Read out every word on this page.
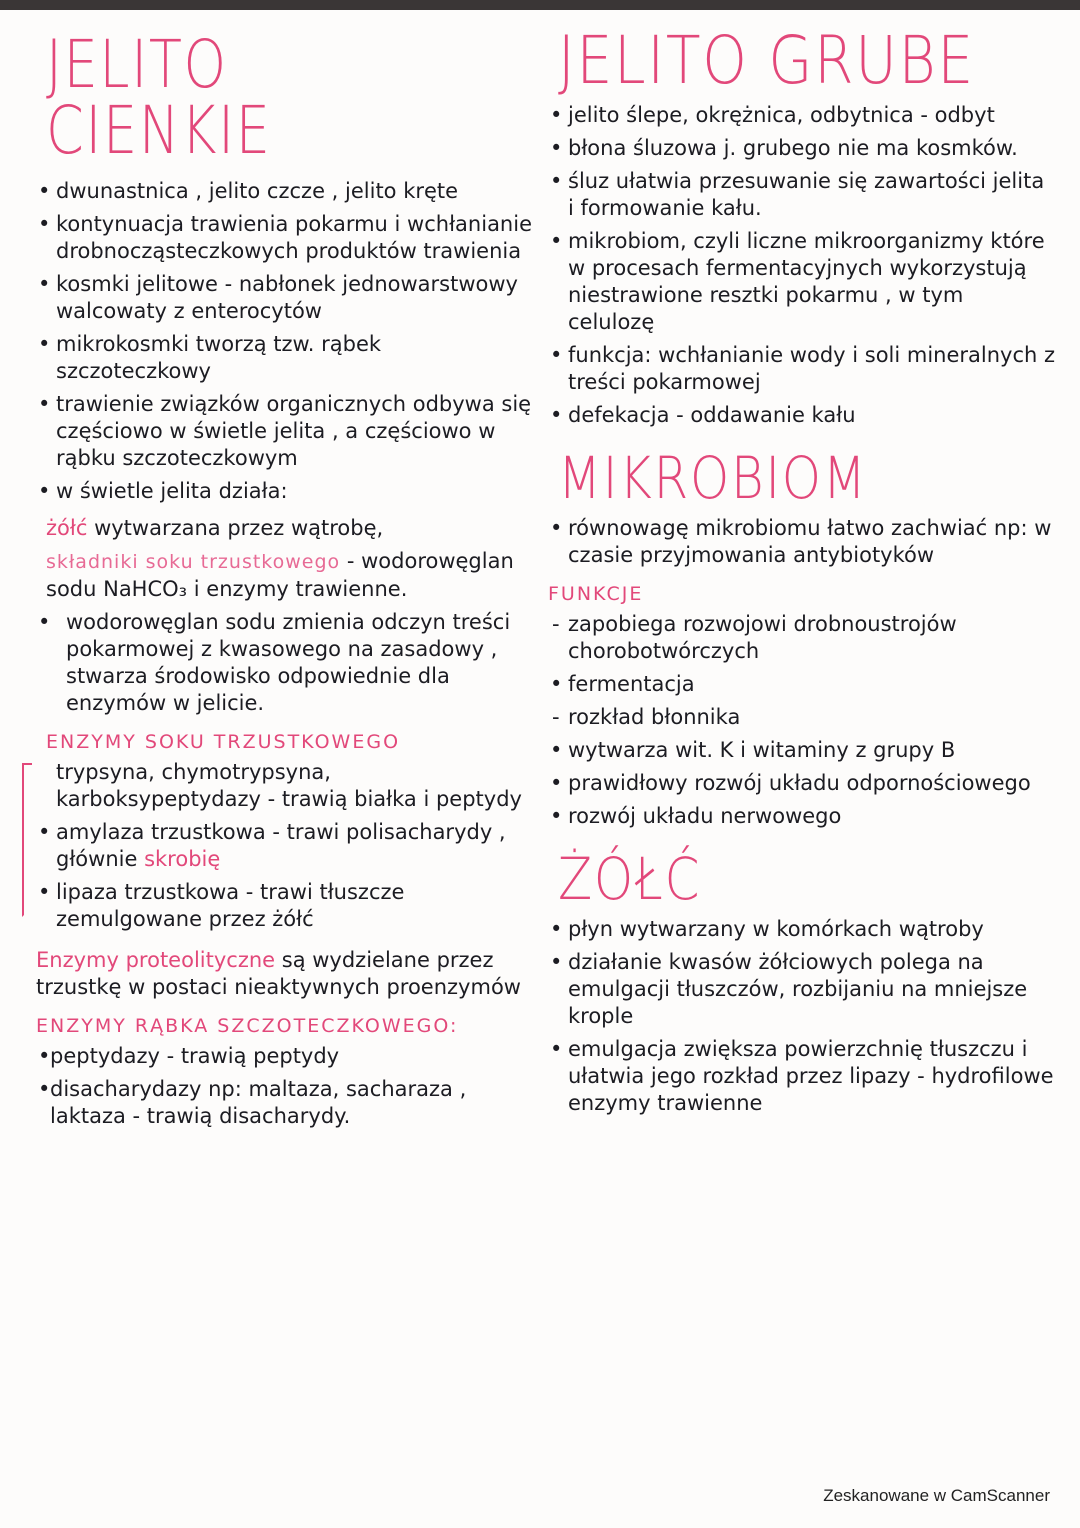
JELITO CIENKIE
• dwunastnica , jelito czcze , jelito kręte
• kontynuacja trawienia pokarmu i wchłanianie drobnocząsteczkowych produktów trawienia
• kosmki jelitowe - nabłonek jednowarstwowy walcowaty z enterocytów
• mikrokosmki tworzą tzw. rąbek szczoteczkowy
• trawienie związków organicznych odbywa się częściowo w świetle jelita , a częściowo w rąbku szczoteczkowym
• w świetle jelita działa:
żółć wytwarzana przez wątrobę,
składniki soku trzustkowego - wodorowęglan sodu NaHCO₃ i enzymy trawienne.
• wodorowęglan sodu zmienia odczyn treści pokarmowej z kwasowego na zasadowy , stwarza środowisko odpowiednie dla enzymów w jelicie.
ENZYMY SOKU TRZUSTKOWEGO
trypsyna, chymotrypsyna, karboksypeptydazy - trawią białka i peptydy
• amylaza trzustkowa - trawi polisacharydy , głównie skrobię
• lipaza trzustkowa - trawi tłuszcze zemulgowane przez żółć
Enzymy proteolityczne są wydzielane przez trzustkę w postaci nieaktywnych proenzymów
ENZYMY RĄBKA SZCZOTECZKOWEGO:
• peptydazy - trawią peptydy
• disacharydazy np: maltaza, sacharaza , laktaza - trawią disacharydy.
JELITO GRUBE
• jelito ślepe, okrężnica, odbytnica - odbyt
• błona śluzowa j. grubego nie ma kosmków.
• śluz ułatwia przesuwanie się zawartości jelita i formowanie kału.
• mikrobiom, czyli liczne mikroorganizmy które w procesach fermentacyjnych wykorzystują niestrawione resztki pokarmu , w tym celulozę
• funkcja: wchłanianie wody i soli mineralnych z treści pokarmowej
• defekacja - oddawanie kału
MIKROBIOM
• równowagę mikrobiomu łatwo zachwiać np: w czasie przyjmowania antybiotyków
FUNKCJE
- zapobiega rozwojowi drobnoustrojów chorobotwórczych
• fermentacja
- rozkład błonnika
• wytwarza wit. K i witaminy z grupy B
• prawidłowy rozwój układu odpornościowego
• rozwój układu nerwowego
ŻÓŁĆ
• płyn wytwarzany w komórkach wątroby
• działanie kwasów żółciowych polega na emulgacji tłuszczów, rozbijaniu na mniejsze krople
• emulgacja zwiększa powierzchnię tłuszczu i ułatwia jego rozkład przez lipazy - hydrofilowe enzymy trawienne
Zeskanowane w CamScanner
